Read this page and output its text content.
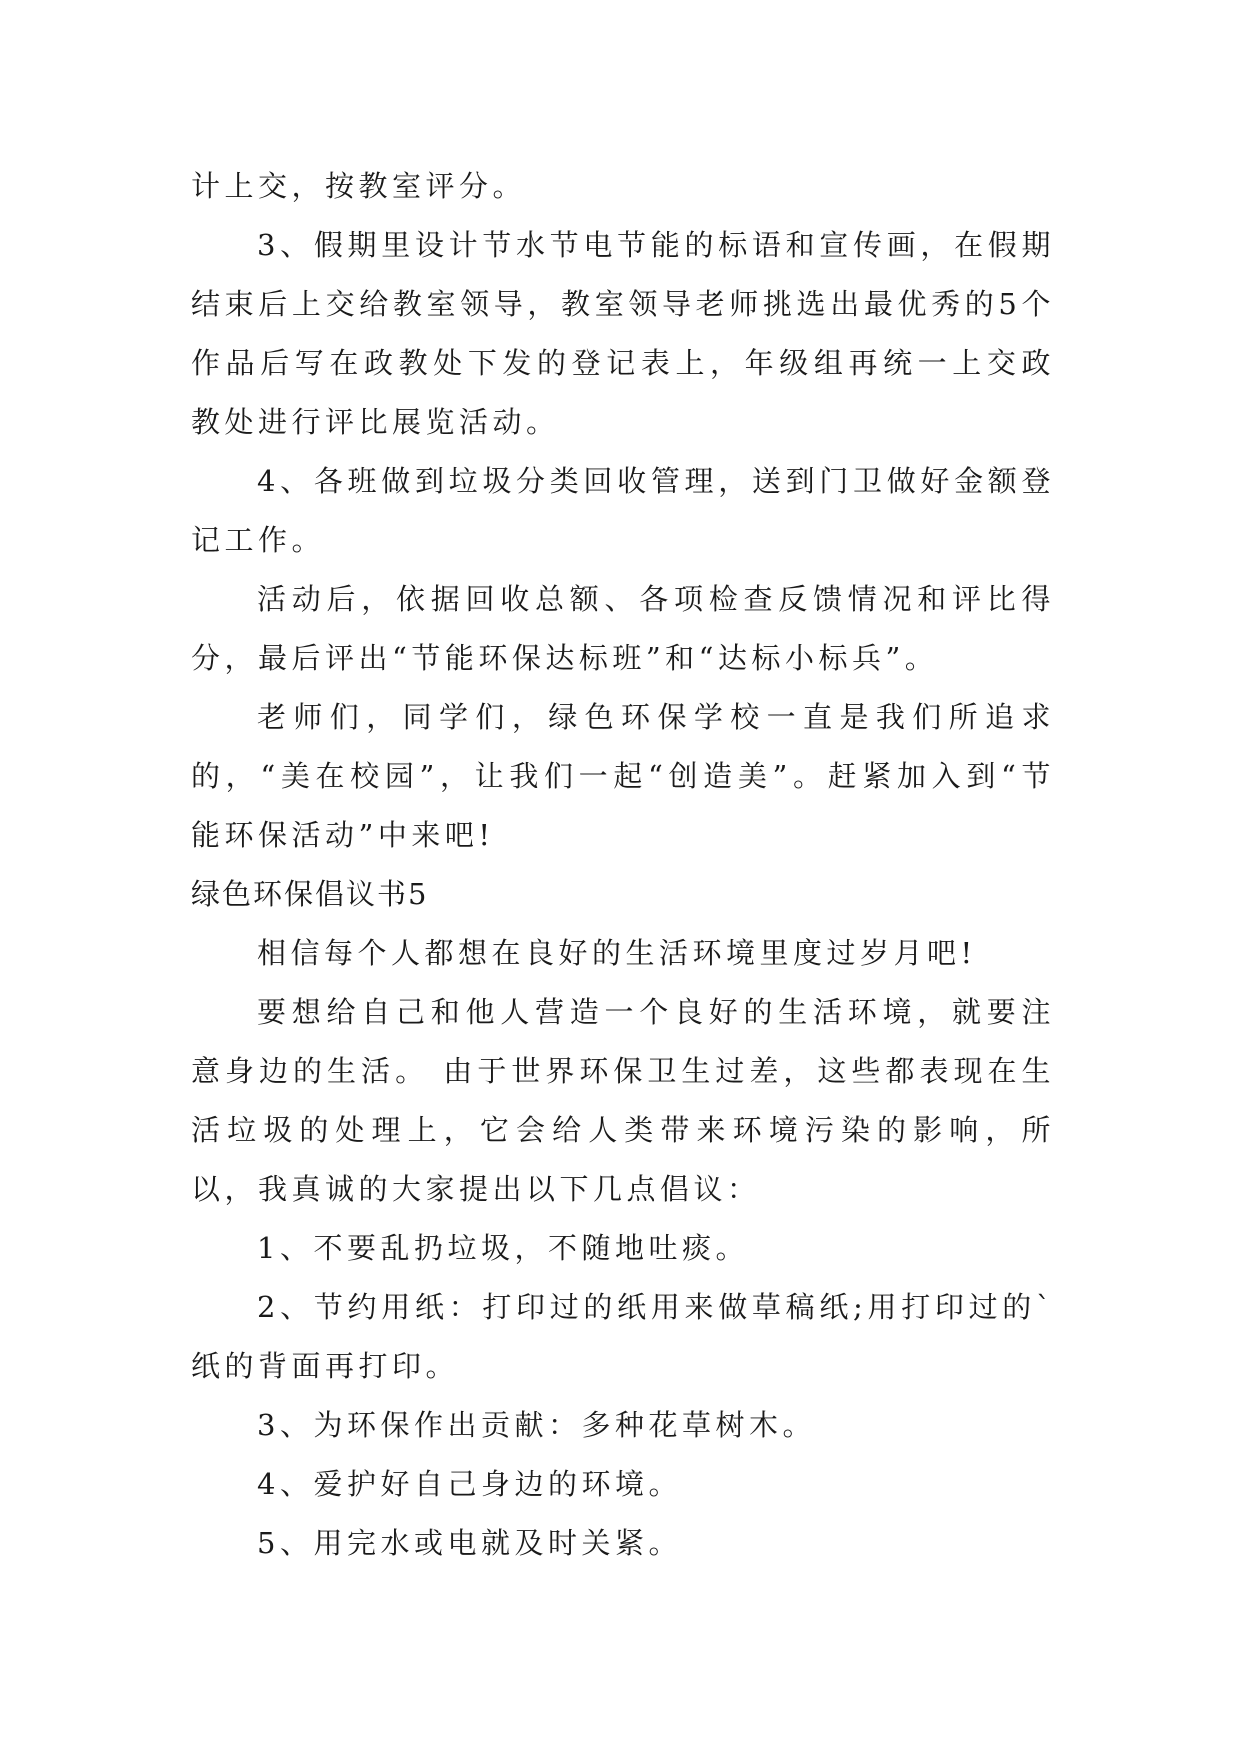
计上交，按教室评分。

3、假期里设计节水节电节能的标语和宣传画，在假期结束后上交给教室领导，教室领导老师挑选出最优秀的5个作品后写在政教处下发的登记表上，年级组再统一上交政教处进行评比展览活动。

4、各班做到垃圾分类回收管理，送到门卫做好金额登记工作。

活动后，依据回收总额、各项检查反馈情况和评比得分，最后评出“节能环保达标班”和“达标小标兵”。

老师们，同学们，绿色环保学校一直是我们所追求的，“美在校园”，让我们一起“创造美”。赶紧加入到“节能环保活动”中来吧!

绿色环保倡议书5

相信每个人都想在良好的生活环境里度过岁月吧!

要想给自己和他人营造一个良好的生活环境，就要注意身边的生活。 由于世界环保卫生过差，这些都表现在生活垃圾的处理上，它会给人类带来环境污染的影响，所以，我真诚的大家提出以下几点倡议：

1、不要乱扔垃圾，不随地吐痰。

2、节约用纸：打印过的纸用来做草稿纸;用打印过的`纸的背面再打印。

3、为环保作出贡献：多种花草树木。

4、爱护好自己身边的环境。

5、用完水或电就及时关紧。
